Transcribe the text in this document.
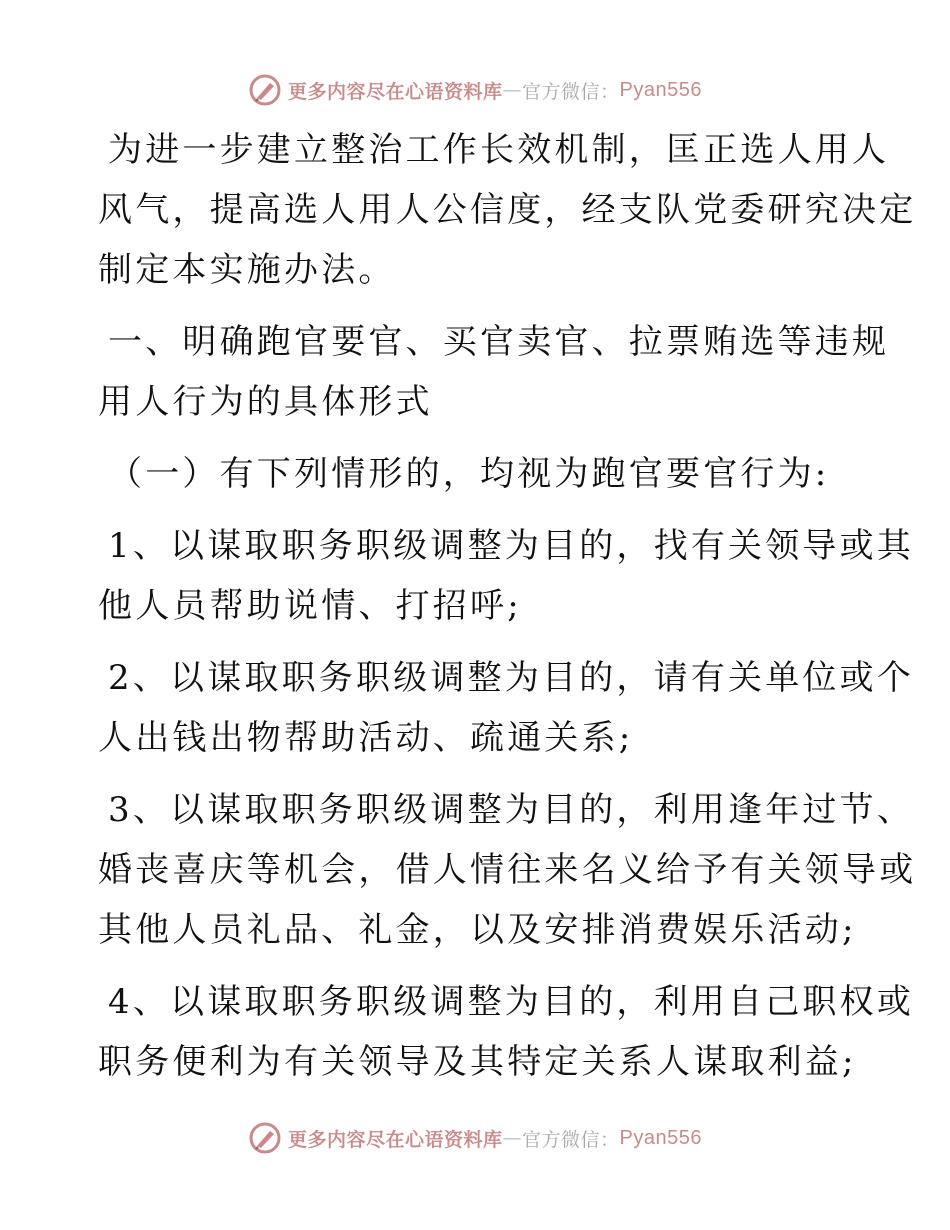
更多内容尽在心语资料库 — 官方微信： Pyan556

为进一步建立整治工作长效机制，匡正选人用人
风气，提高选人用人公信度，经支队党委研究决定
制定本实施办法。

一、明确跑官要官、买官卖官、拉票贿选等违规
用人行为的具体形式

（一）有下列情形的，均视为跑官要官行为:

1、以谋取职务职级调整为目的，找有关领导或其
他人员帮助说情、打招呼;

2、以谋取职务职级调整为目的，请有关单位或个
人出钱出物帮助活动、疏通关系;

3、以谋取职务职级调整为目的，利用逢年过节、
婚丧喜庆等机会，借人情往来名义给予有关领导或
其他人员礼品、礼金，以及安排消费娱乐活动;

4、以谋取职务职级调整为目的，利用自己职权或
职务便利为有关领导及其特定关系人谋取利益;

更多内容尽在心语资料库 — 官方微信： Pyan556
